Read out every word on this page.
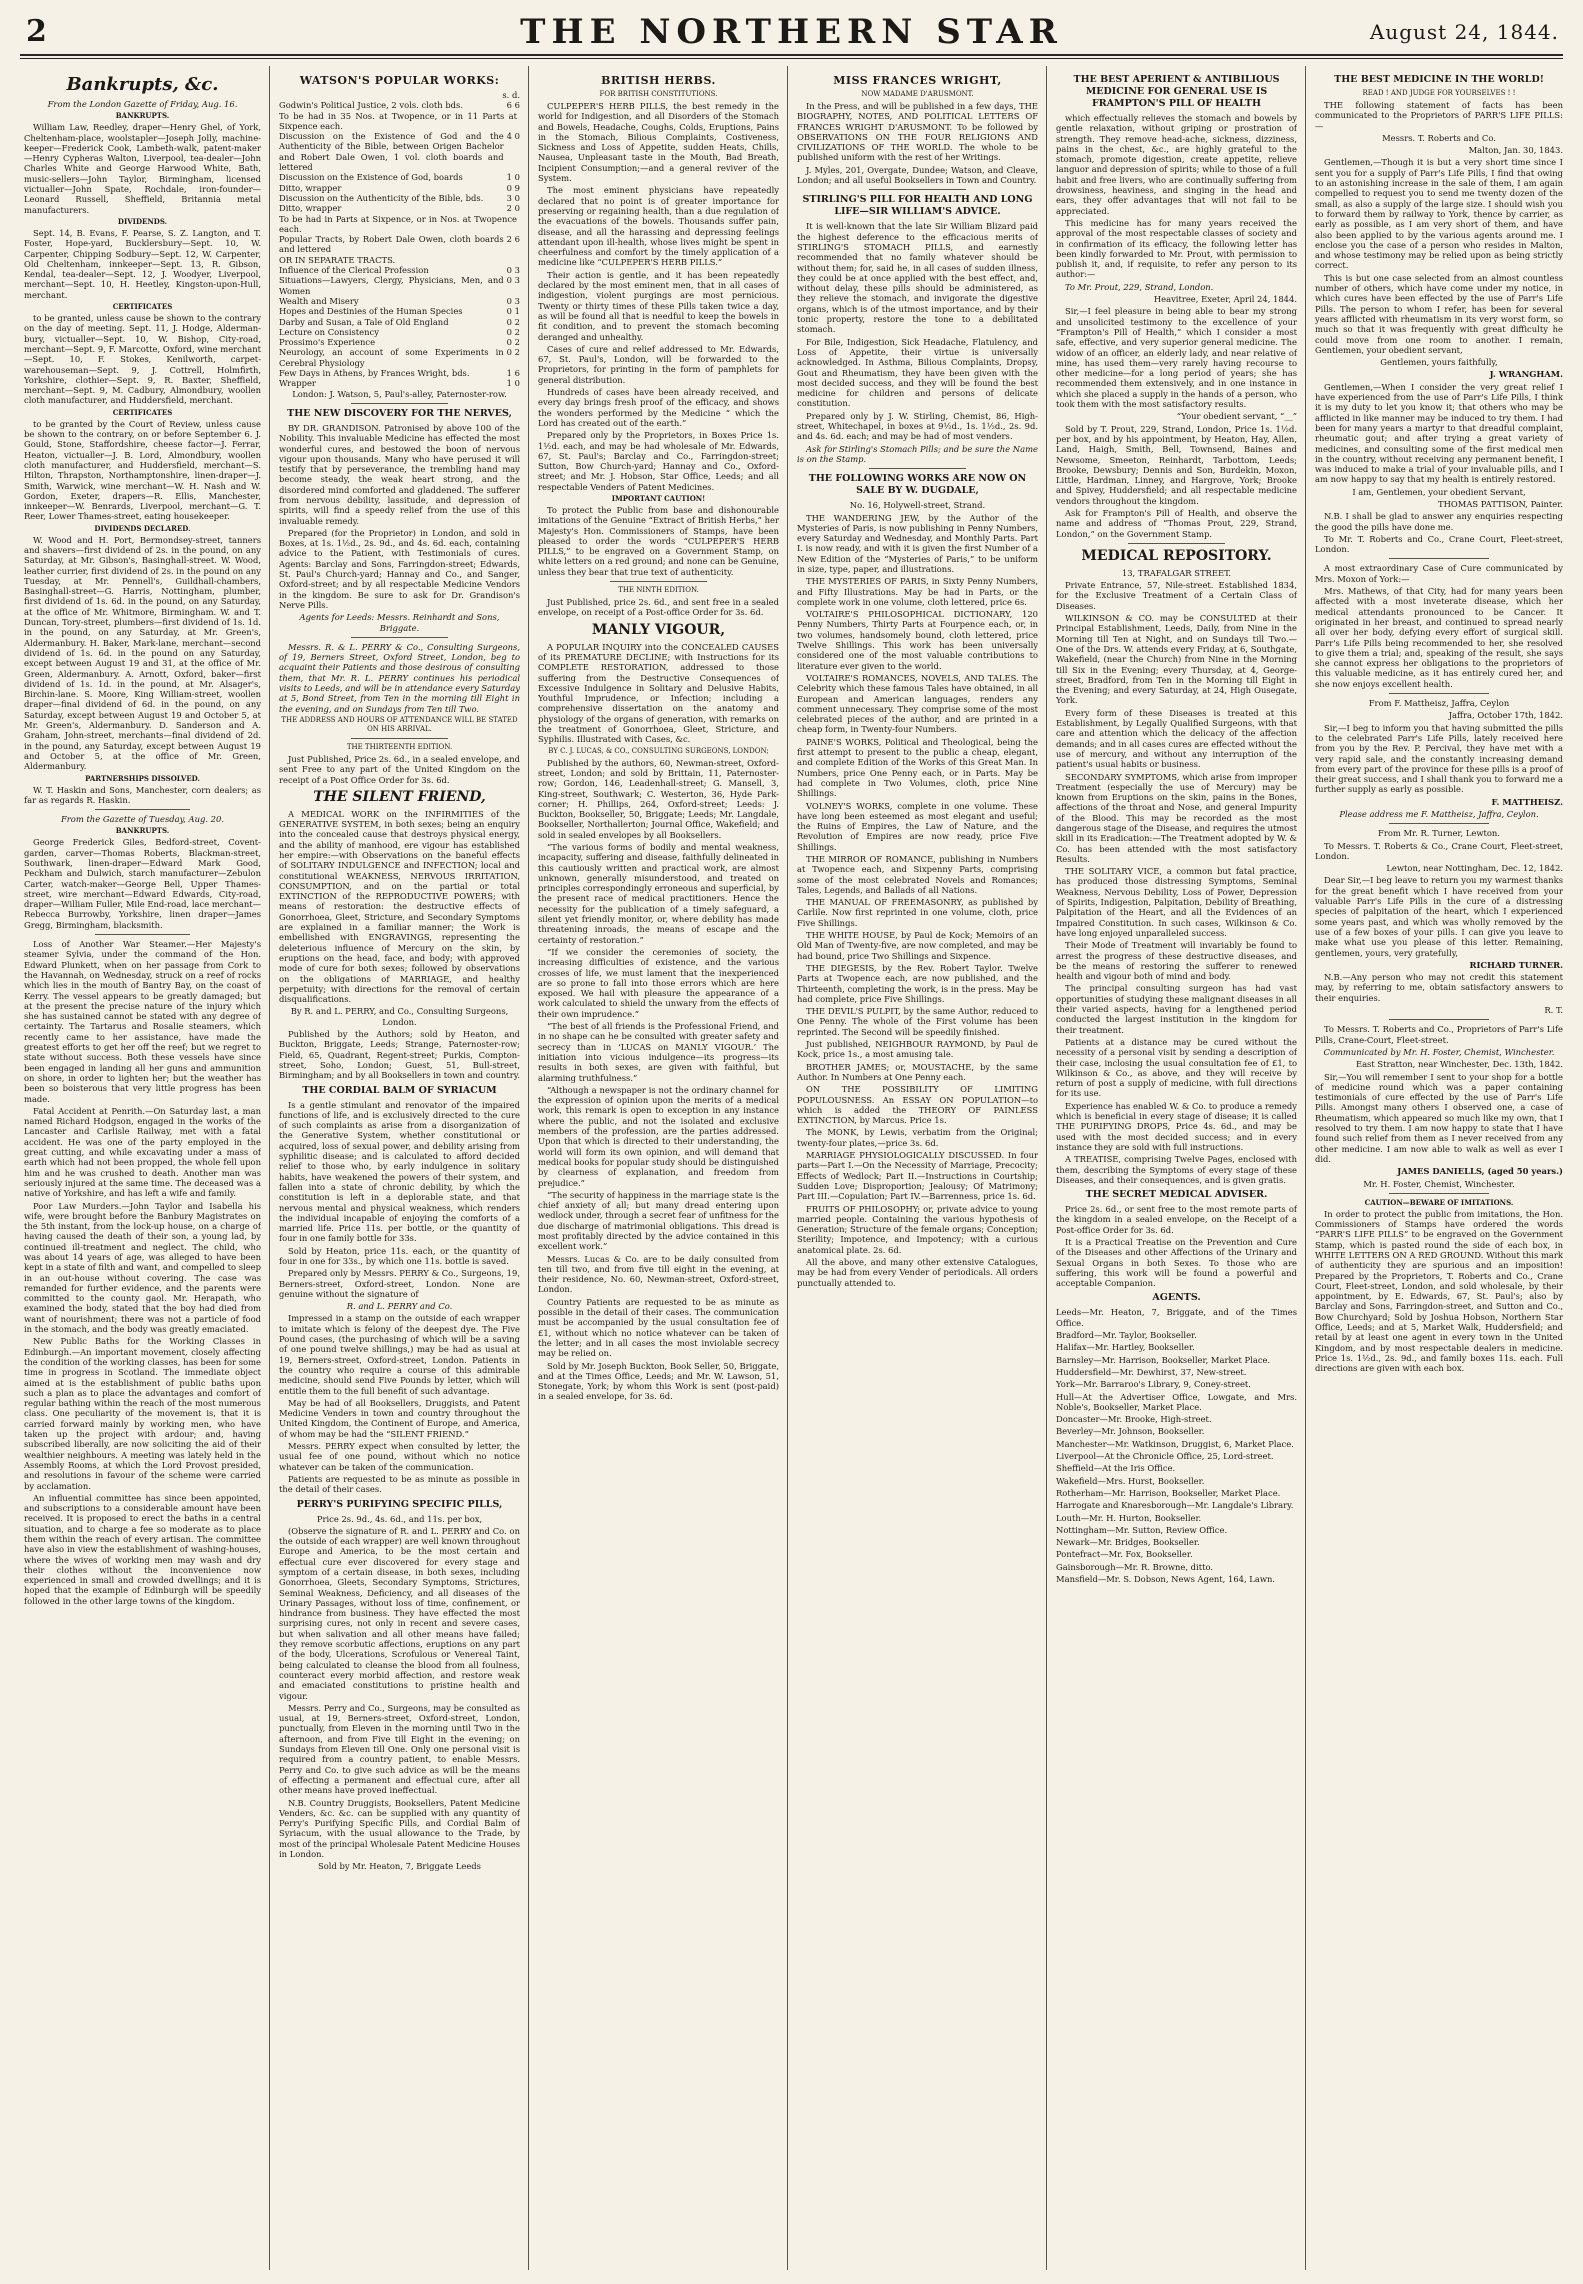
2	THE NORTHERN STAR	August 24, 1844.
Bankrupts, &c.

From the London Gazette of Friday, Aug. 16.

BANKRUPTS.

William Law, Reedley, draper—Henry Ghel, of York, Cheltenham-place, woolstapler—Joseph Jolly, machine-keeper—Frederick Cook, Lambeth-walk, patent-maker—Henry Cypheras Walton, Liverpool, tea-dealer—John Charles White and George Harwood White, Bath, music-sellers—John Taylor, Birmingham, licensed victualler—John Spate, Rochdale, iron-founder—Leonard Russell, Sheffield, Britannia metal manufacturers.

DIVIDENDS.

Sept. 14, B. Evans, F. Pearse, S. Z. Langton, and T. Foster, Hope-yard, Bucklersbury—Sept. 10, W. Carpenter, Chipping Sodbury—Sept. 12, W. Carpenter, Old Cheltenham, innkeeper—Sept. 13, R. Gibson, Kendal, tea-dealer—Sept. 12, J. Woodyer, Liverpool, merchant—Sept. 10, H. Heetley, Kingston-upon-Hull, merchant.

CERTIFICATES

to be granted, unless cause be shown to the contrary on the day of meeting. Sept. 11, J. Hodge, Alderman-bury, victualler—Sept. 10, W. Bishop, City-road, merchant—Sept. 9, F. Marcotte, Oxford, wine merchant—Sept. 10, F. Stokes, Kenilworth, carpet-warehouseman—Sept. 9, J. Cottrell, Holmfirth, Yorkshire, clothier—Sept. 9, R. Baxter, Sheffield, merchant—Sept. 9, M. Cadbury, Almondbury, woollen cloth manufacturer, and Huddersfield, merchant.

CERTIFICATES

to be granted by the Court of Review, unless cause be shown to the contrary, on or before September 6. J. Gould, Stone, Staffordshire, cheese factor—J. Ferrar, Heaton, victualler—J. B. Lord, Almondbury, woollen cloth manufacturer, and Huddersfield, merchant—S. Hilton, Thrapston, Northamptonshire, linen-draper—J. Smith, Warwick, wine merchant—W. H. Nash and W. Gordon, Exeter, drapers—R. Ellis, Manchester, innkeeper—W. Benrards, Liverpool, merchant—G. T. Reer, Lower Thames-street, eating housekeeper.

DIVIDENDS DECLARED.

W. Wood and H. Port, Bermondsey-street, tanners and shavers—first dividend of 2s. in the pound, on any Saturday, at Mr. Gibson's, Basinghall-street. W. Wood, leather currier, first dividend of 2s. in the pound on any Tuesday, at Mr. Pennell's, Guildhall-chambers, Basinghall-street—G. Harris, Nottingham, plumber, first dividend of 1s. 6d. in the pound, on any Saturday, at the office of Mr. Whitmore, Birmingham. W. and T. Duncan, Tory-street, plumbers—first dividend of 1s. 1d. in the pound, on any Saturday, at Mr. Green's, Aldermanbury. H. Baker, Mark-lane, merchant—second dividend of 1s. 6d. in the pound on any Saturday, except between August 19 and 31, at the office of Mr. Green, Aldermanbury. A. Arnott, Oxford, baker—first dividend of 1s. 1d. in the pound, at Mr. Alsager's, Birchin-lane. S. Moore, King William-street, woollen draper—final dividend of 6d. in the pound, on any Saturday, except between August 19 and October 5, at Mr. Green's, Aldermanbury. D. Sanderson and A. Graham, John-street, merchants—final dividend of 2d. in the pound, any Saturday, except between August 19 and October 5, at the office of Mr. Green, Aldermanbury.

PARTNERSHIPS DISSOLVED.

W. T. Haskin and Sons, Manchester, corn dealers; as far as regards R. Haskin.

From the Gazette of Tuesday, Aug. 20.

BANKRUPTS.

George Frederick Giles, Bedford-street, Covent-garden, carver—Thomas Roberts, Blackman-street, Southwark, linen-draper—Edward Mark Good, Peckham and Dulwich, starch manufacturer—Zebulon Carter, watch-maker—George Bell, Upper Thames-street, wire merchant—Edward Edwards, City-road, draper—William Fuller, Mile End-road, lace merchant—Rebecca Burrowby, Yorkshire, linen draper—James Gregg, Birmingham, blacksmith.

Loss of Another War Steamer.—Her Majesty's steamer Sylvia, under the command of the Hon. Edward Plunkett, when on her passage from Cork to the Havannah, on Wednesday, struck on a reef of rocks which lies in the mouth of Bantry Bay, on the coast of Kerry. The vessel appears to be greatly damaged; but at the present the precise nature of the injury which she has sustained cannot be stated with any degree of certainty. The Tartarus and Rosalie steamers, which recently came to her assistance, have made the greatest efforts to get her off the reef; but we regret to state without success. Both these vessels have since been engaged in landing all her guns and ammunition on shore, in order to lighten her; but the weather has been so boisterous that very little progress has been made.

Fatal Accident at Penrith.—On Saturday last, a man named Richard Hodgson, engaged in the works of the Lancaster and Carlisle Railway, met with a fatal accident. He was one of the party employed in the great cutting, and while excavating under a mass of earth which had not been propped, the whole fell upon him and he was crushed to death. Another man was seriously injured at the same time. The deceased was a native of Yorkshire, and has left a wife and family.

Poor Law Murders.—John Taylor and Isabella his wife, were brought before the Banbury Magistrates on the 5th instant, from the lock-up house, on a charge of having caused the death of their son, a young lad, by continued ill-treatment and neglect. The child, who was about 14 years of age, was alleged to have been kept in a state of filth and want, and compelled to sleep in an out-house without covering. The case was remanded for further evidence, and the parents were committed to the county gaol. Mr. Herapath, who examined the body, stated that the boy had died from want of nourishment; there was not a particle of food in the stomach, and the body was greatly emaciated.

New Public Baths for the Working Classes in Edinburgh.—An important movement, closely affecting the condition of the working classes, has been for some time in progress in Scotland. The immediate object aimed at is the establishment of public baths upon such a plan as to place the advantages and comfort of regular bathing within the reach of the most numerous class. One peculiarity of the movement is, that it is carried forward mainly by working men, who have taken up the project with ardour; and, having subscribed liberally, are now soliciting the aid of their wealthier neighbours. A meeting was lately held in the Assembly Rooms, at which the Lord Provost presided, and resolutions in favour of the scheme were carried by acclamation.

An influential committee has since been appointed, and subscriptions to a considerable amount have been received. It is proposed to erect the baths in a central situation, and to charge a fee so moderate as to place them within the reach of every artisan. The committee have also in view the establishment of washing-houses, where the wives of working men may wash and dry their clothes without the inconvenience now experienced in small and crowded dwellings; and it is hoped that the example of Edinburgh will be speedily followed in the other large towns of the kingdom.

WATSON'S POPULAR WORKS:
s. d.
Godwin's Political Justice, 2 vols. cloth bds.	6 6
To be had in 35 Nos. at Twopence, or in 11 Parts at Sixpence each.
Discussion on the Existence of God and the Authenticity of the Bible, between Origen Bachelor and Robert Dale Owen, 1 vol. cloth boards and lettered
4 0
Discussion on the Existence of God, boards	1 0
Ditto, wrapper	0 9
Discussion on the Authenticity of the Bible, bds.	3 0
Ditto, wrapper	2 0
To be had in Parts at Sixpence, or in Nos. at Twopence each.
Popular Tracts, by Robert Dale Owen, cloth boards and lettered
2 6
OR IN SEPARATE TRACTS.
Influence of the Clerical Profession	0 3
Situations—Lawyers, Clergy, Physicians, Men, and Women
0 3
Wealth and Misery	0 3
Hopes and Destinies of the Human Species	0 1
Darby and Susan, a Tale of Old England	0 2
Lecture on Consistency	0 2
Prossimo's Experience	0 2
Neurology, an account of some Experiments in Cerebral Physiology
0 2
Few Days in Athens, by Frances Wright, bds.	1 6
Wrapper	1 0

London: J. Watson, 5, Paul's-alley, Paternoster-row.

THE NEW DISCOVERY FOR THE NERVES,

BY DR. GRANDISON. Patronised by above 100 of the Nobility. This invaluable Medicine has effected the most wonderful cures, and bestowed the boon of nervous vigour upon thousands. Many who have perused it will testify that by perseverance, the trembling hand may become steady, the weak heart strong, and the disordered mind comforted and gladdened. The sufferer from nervous debility, lassitude, and depression of spirits, will find a speedy relief from the use of this invaluable remedy.

Prepared (for the Proprietor) in London, and sold in Boxes, at 1s. 1½d., 2s. 9d., and 4s. 6d. each, containing advice to the Patient, with Testimonials of cures. Agents: Barclay and Sons, Farringdon-street; Edwards, St. Paul's Church-yard; Hannay and Co., and Sanger, Oxford-street; and by all respectable Medicine Vendors in the kingdom. Be sure to ask for Dr. Grandison's Nerve Pills.

Agents for Leeds: Messrs. Reinhardt and Sons, Briggate.

Messrs. R. & L. PERRY & Co., Consulting Surgeons, of 19, Berners Street, Oxford Street, London, beg to acquaint their Patients and those desirous of consulting them, that Mr. R. L. PERRY continues his periodical visits to Leeds, and will be in attendance every Saturday at 5, Bond Street, from Ten in the morning till Eight in the evening, and on Sundays from Ten till Two.

THE ADDRESS AND HOURS OF ATTENDANCE WILL BE STATED ON HIS ARRIVAL.

THE THIRTEENTH EDITION.

Just Published, Price 2s. 6d., in a sealed envelope, and sent Free to any part of the United Kingdom on the receipt of a Post Office Order for 3s. 6d.

THE SILENT FRIEND,

A MEDICAL WORK on the INFIRMITIES of the GENERATIVE SYSTEM, in both sexes; being an enquiry into the concealed cause that destroys physical energy, and the ability of manhood, ere vigour has established her empire:—with Observations on the baneful effects of SOLITARY INDULGENCE and INFECTION; local and constitutional WEAKNESS, NERVOUS IRRITATION, CONSUMPTION, and on the partial or total EXTINCTION of the REPRODUCTIVE POWERS; with means of restoration: the destructive effects of Gonorrhoea, Gleet, Stricture, and Secondary Symptoms are explained in a familiar manner; the Work is embellished with ENGRAVINGS, representing the deleterious influence of Mercury on the skin, by eruptions on the head, face, and body; with approved mode of cure for both sexes; followed by observations on the obligations of MARRIAGE, and healthy perpetuity; with directions for the removal of certain disqualifications.

By R. and L. PERRY, and Co., Consulting Surgeons, London.

Published by the Authors; sold by Heaton, and Buckton, Briggate, Leeds; Strange, Paternoster-row; Field, 65, Quadrant, Regent-street; Purkis, Compton-street, Soho, London; Guest, 51, Bull-street, Birmingham; and by all Booksellers in town and country.

THE CORDIAL BALM OF SYRIACUM

Is a gentle stimulant and renovator of the impaired functions of life, and is exclusively directed to the cure of such complaints as arise from a disorganization of the Generative System, whether constitutional or acquired, loss of sexual power, and debility arising from syphilitic disease; and is calculated to afford decided relief to those who, by early indulgence in solitary habits, have weakened the powers of their system, and fallen into a state of chronic debility, by which the constitution is left in a deplorable state, and that nervous mental and physical weakness, which renders the individual incapable of enjoying the comforts of a married life. Price 11s. per bottle, or the quantity of four in one family bottle for 33s.

Sold by Heaton, price 11s. each, or the quantity of four in one for 33s., by which one 11s. bottle is saved.

Prepared only by Messrs. PERRY & Co., Surgeons, 19, Berners-street, Oxford-street, London. None are genuine without the signature of

R. and L. PERRY and Co.

Impressed in a stamp on the outside of each wrapper to imitate which is felony of the deepest dye. The Five Pound cases, (the purchasing of which will be a saving of one pound twelve shillings,) may be had as usual at 19, Berners-street, Oxford-street, London. Patients in the country who require a course of this admirable medicine, should send Five Pounds by letter, which will entitle them to the full benefit of such advantage.

May be had of all Booksellers, Druggists, and Patent Medicine Venders in town and country throughout the United Kingdom, the Continent of Europe, and America, of whom may be had the “SILENT FRIEND.”

Messrs. PERRY expect when consulted by letter, the usual fee of one pound, without which no notice whatever can be taken of the communication.

Patients are requested to be as minute as possible in the detail of their cases.

PERRY'S PURIFYING SPECIFIC PILLS,

Price 2s. 9d., 4s. 6d., and 11s. per box,

(Observe the signature of R. and L. PERRY and Co. on the outside of each wrapper) are well known throughout Europe and America, to be the most certain and effectual cure ever discovered for every stage and symptom of a certain disease, in both sexes, including Gonorrhoea, Gleets, Secondary Symptoms, Strictures, Seminal Weakness, Deficiency, and all diseases of the Urinary Passages, without loss of time, confinement, or hindrance from business. They have effected the most surprising cures, not only in recent and severe cases, but when salivation and all other means have failed; they remove scorbutic affections, eruptions on any part of the body, Ulcerations, Scrofulous or Venereal Taint, being calculated to cleanse the blood from all foulness, counteract every morbid affection, and restore weak and emaciated constitutions to pristine health and vigour.

Messrs. Perry and Co., Surgeons, may be consulted as usual, at 19, Berners-street, Oxford-street, London, punctually, from Eleven in the morning until Two in the afternoon, and from Five till Eight in the evening; on Sundays from Eleven till One. Only one personal visit is required from a country patient, to enable Messrs. Perry and Co. to give such advice as will be the means of effecting a permanent and effectual cure, after all other means have proved ineffectual.

N.B. Country Druggists, Booksellers, Patent Medicine Venders, &c. &c. can be supplied with any quantity of Perry's Purifying Specific Pills, and Cordial Balm of Syriacum, with the usual allowance to the Trade, by most of the principal Wholesale Patent Medicine Houses in London.

Sold by Mr. Heaton, 7, Briggate Leeds

BRITISH HERBS.

FOR BRITISH CONSTITUTIONS.

CULPEPER'S HERB PILLS, the best remedy in the world for Indigestion, and all Disorders of the Stomach and Bowels, Headache, Coughs, Colds, Eruptions, Pains in the Stomach, Bilious Complaints, Costiveness, Sickness and Loss of Appetite, sudden Heats, Chills, Nausea, Unpleasant taste in the Mouth, Bad Breath, Incipient Consumption;—and a general reviver of the System.

The most eminent physicians have repeatedly declared that no point is of greater importance for preserving or regaining health, than a due regulation of the evacuations of the bowels. Thousands suffer pain, disease, and all the harassing and depressing feelings attendant upon ill-health, whose lives might be spent in cheerfulness and comfort by the timely application of a medicine like “CULPEPER'S HERB PILLS.”

Their action is gentle, and it has been repeatedly declared by the most eminent men, that in all cases of indigestion, violent purgings are most pernicious. Twenty or thirty times of these Pills taken twice a day, as will be found all that is needful to keep the bowels in fit condition, and to prevent the stomach becoming deranged and unhealthy.

Cases of cure and relief addressed to Mr. Edwards, 67, St. Paul's, London, will be forwarded to the Proprietors, for printing in the form of pamphlets for general distribution.

Hundreds of cases have been already received, and every day brings fresh proof of the efficacy, and shows the wonders performed by the Medicine “ which the Lord has created out of the earth.”

Prepared only by the Proprietors, in Boxes Price 1s. 1½d. each, and may be had wholesale of Mr. Edwards, 67, St. Paul's; Barclay and Co., Farringdon-street; Sutton, Bow Church-yard; Hannay and Co., Oxford-street; and Mr. J. Hobson, Star Office, Leeds; and all respectable Venders of Patent Medicines.

IMPORTANT CAUTION!

To protect the Public from base and dishonourable imitations of the Genuine “Extract of British Herbs,” her Majesty's Hon. Commissioners of Stamps, have been pleased to order the words “CULPEPER'S HERB PILLS,” to be engraved on a Government Stamp, on white letters on a red ground; and none can be Genuine, unless they bear that true text of authenticity.

THE NINTH EDITION.

Just Published, price 2s. 6d., and sent free in a sealed envelope, on receipt of a Post-office Order for 3s. 6d.

MANLY VIGOUR,

A POPULAR INQUIRY into the CONCEALED CAUSES of its PREMATURE DECLINE; with Instructions for its COMPLETE RESTORATION, addressed to those suffering from the Destructive Consequences of Excessive Indulgence in Solitary and Delusive Habits, Youthful Imprudence, or Infection; including a comprehensive dissertation on the anatomy and physiology of the organs of generation, with remarks on the treatment of Gonorrhoea, Gleet, Stricture, and Syphilis. Illustrated with Cases, &c.

BY C. J. LUCAS, & CO., CONSULTING SURGEONS, LONDON;

Published by the authors, 60, Newman-street, Oxford-street, London; and sold by Brittain, 11, Paternoster-row; Gordon, 146, Leadenhall-street; G. Mansell, 3, King-street, Southwark; C. Westerton, 36, Hyde Park-corner; H. Phillips, 264, Oxford-street; Leeds: J. Buckton, Bookseller, 50, Briggate; Leeds; Mr. Langdale, Bookseller, Northallerton; Journal Office, Wakefield; and sold in sealed envelopes by all Booksellers.

“The various forms of bodily and mental weakness, incapacity, suffering and disease, faithfully delineated in this cautiously written and practical work, are almost unknown, generally misunderstood, and treated on principles correspondingly erroneous and superficial, by the present race of medical practitioners. Hence the necessity for the publication of a timely safeguard, a silent yet friendly monitor, or, where debility has made threatening inroads, the means of escape and the certainty of restoration.”

“If we consider the ceremonies of society, the increasing difficulties of existence, and the various crosses of life, we must lament that the inexperienced are so prone to fall into those errors which are here exposed. We hail with pleasure the appearance of a work calculated to shield the unwary from the effects of their own imprudence.”

“The best of all friends is the Professional Friend, and in no shape can he be consulted with greater safety and secrecy than in ‘LUCAS on MANLY VIGOUR.’ The initiation into vicious indulgence—its progress—its results in both sexes, are given with faithful, but alarming truthfulness.”

“Although a newspaper is not the ordinary channel for the expression of opinion upon the merits of a medical work, this remark is open to exception in any instance where the public, and not the isolated and exclusive members of the profession, are the parties addressed. Upon that which is directed to their understanding, the world will form its own opinion, and will demand that medical books for popular study should be distinguished by clearness of explanation, and freedom from prejudice.”

“The security of happiness in the marriage state is the chief anxiety of all; but many dread entering upon wedlock under, through a secret fear of unfitness for the due discharge of matrimonial obligations. This dread is most profitably directed by the advice contained in this excellent work.”

Messrs. Lucas & Co. are to be daily consulted from ten till two, and from five till eight in the evening, at their residence, No. 60, Newman-street, Oxford-street, London.

Country Patients are requested to be as minute as possible in the detail of their cases. The communication must be accompanied by the usual consultation fee of £1, without which no notice whatever can be taken of the letter; and in all cases the most inviolable secrecy may be relied on.

Sold by Mr. Joseph Buckton, Book Seller, 50, Briggate, and at the Times Office, Leeds; and Mr. W. Lawson, 51, Stonegate, York; by whom this Work is sent (post-paid) in a sealed envelope, for 3s. 6d.

MISS FRANCES WRIGHT,

NOW MADAME D'ARUSMONT.

In the Press, and will be published in a few days, THE BIOGRAPHY, NOTES, AND POLITICAL LETTERS OF FRANCES WRIGHT D'ARUSMONT. To be followed by OBSERVATIONS ON THE FOUR RELIGIONS AND CIVILIZATIONS OF THE WORLD. The whole to be published uniform with the rest of her Writings.

J. Myles, 201, Overgate, Dundee; Watson, and Cleave, London; and all useful Booksellers in Town and Country.

STIRLING'S PILL FOR HEALTH AND LONG LIFE—SIR WILLIAM'S ADVICE.

It is well-known that the late Sir William Blizard paid the highest deference to the efficacious merits of STIRLING'S STOMACH PILLS, and earnestly recommended that no family whatever should be without them; for, said he, in all cases of sudden illness, they could be at once applied with the best effect, and, without delay, these pills should be administered, as they relieve the stomach, and invigorate the digestive organs, which is of the utmost importance, and by their tonic property, restore the tone to a debilitated stomach.

For Bile, Indigestion, Sick Headache, Flatulency, and Loss of Appetite, their virtue is universally acknowledged. In Asthma, Bilious Complaints, Dropsy, Gout and Rheumatism, they have been given with the most decided success, and they will be found the best medicine for children and persons of delicate constitution.

Prepared only by J. W. Stirling, Chemist, 86, High-street, Whitechapel, in boxes at 9½d., 1s. 1½d., 2s. 9d. and 4s. 6d. each; and may be had of most venders.

Ask for Stirling's Stomach Pills; and be sure the Name is on the Stamp.

THE FOLLOWING WORKS ARE NOW ON SALE BY W. DUGDALE,

No. 16, Holywell-street, Strand.

THE WANDERING JEW, by the Author of the Mysteries of Paris, is now publishing in Penny Numbers, every Saturday and Wednesday, and Monthly Parts. Part I. is now ready, and with it is given the first Number of a New Edition of the “Mysteries of Paris,” to be uniform in size, type, paper, and illustrations.

THE MYSTERIES OF PARIS, in Sixty Penny Numbers, and Fifty Illustrations. May be had in Parts, or the complete work in one volume, cloth lettered, price 6s.

VOLTAIRE'S PHILOSOPHICAL DICTIONARY, 120 Penny Numbers, Thirty Parts at Fourpence each, or, in two volumes, handsomely bound, cloth lettered, price Twelve Shillings. This work has been universally considered one of the most valuable contributions to literature ever given to the world.

VOLTAIRE'S ROMANCES, NOVELS, AND TALES. The Celebrity which these famous Tales have obtained, in all European and American languages, renders any comment unnecessary. They comprise some of the most celebrated pieces of the author, and are printed in a cheap form, in Twenty-four Numbers.

PAINE'S WORKS, Political and Theological, being the first attempt to present to the public a cheap, elegant, and complete Edition of the Works of this Great Man. In Numbers, price One Penny each, or in Parts. May be had complete in Two Volumes, cloth, price Nine Shillings.

VOLNEY'S WORKS, complete in one volume. These have long been esteemed as most elegant and useful; the Ruins of Empires, the Law of Nature, and the Revolution of Empires are now ready, price Five Shillings.

THE MIRROR OF ROMANCE, publishing in Numbers at Twopence each, and Sixpenny Parts, comprising some of the most celebrated Novels and Romances; Tales, Legends, and Ballads of all Nations.

THE MANUAL OF FREEMASONRY, as published by Carlile. Now first reprinted in one volume, cloth, price Five Shillings.

THE WHITE HOUSE, by Paul de Kock; Memoirs of an Old Man of Twenty-five, are now completed, and may be had bound, price Two Shillings and Sixpence.

THE DIEGESIS, by the Rev. Robert Taylor. Twelve Parts at Twopence each, are now published, and the Thirteenth, completing the work, is in the press. May be had complete, price Five Shillings.

THE DEVIL'S PULPIT, by the same Author, reduced to One Penny. The whole of the First volume has been reprinted. The Second will be speedily finished.

Just published, NEIGHBOUR RAYMOND, by Paul de Kock, price 1s., a most amusing tale.

BROTHER JAMES; or, MOUSTACHE, by the same Author. In Numbers at One Penny each.

ON THE POSSIBILITY OF LIMITING POPULOUSNESS. An ESSAY ON POPULATION—to which is added the THEORY OF PAINLESS EXTINCTION, by Marcus. Price 1s.

The MONK, by Lewis, verbatim from the Original; twenty-four plates,—price 3s. 6d.

MARRIAGE PHYSIOLOGICALLY DISCUSSED. In four parts—Part I.—On the Necessity of Marriage, Precocity; Effects of Wedlock; Part II.—Instructions in Courtship; Sudden Love; Disproportion; Jealousy; Of Matrimony; Part III.—Copulation; Part IV.—Barrenness, price 1s. 6d.

FRUITS OF PHILOSOPHY; or, private advice to young married people. Containing the various hypothesis of Generation; Structure of the female organs; Conception; Sterility; Impotence, and Impotency; with a curious anatomical plate. 2s. 6d.

All the above, and many other extensive Catalogues, may be had from every Vender of periodicals. All orders punctually attended to.

THE BEST APERIENT & ANTIBILIOUS MEDICINE FOR GENERAL USE IS FRAMPTON'S PILL OF HEALTH

which effectually relieves the stomach and bowels by gentle relaxation, without griping or prostration of strength. They remove head-ache, sickness, dizziness, pains in the chest, &c., are highly grateful to the stomach, promote digestion, create appetite, relieve languor and depression of spirits; while to those of a full habit and free livers, who are continually suffering from drowsiness, heaviness, and singing in the head and ears, they offer advantages that will not fail to be appreciated.

This medicine has for many years received the approval of the most respectable classes of society and in confirmation of its efficacy, the following letter has been kindly forwarded to Mr. Prout, with permission to publish it, and, if requisite, to refer any person to its author:—

To Mr. Prout, 229, Strand, London.

Heavitree, Exeter, April 24, 1844.

Sir,—I feel pleasure in being able to bear my strong and unsolicited testimony to the excellence of your “Frampton's Pill of Health,” which I consider a most safe, effective, and very superior general medicine. The widow of an officer, an elderly lady, and near relative of mine, has used them—very rarely having recourse to other medicine—for a long period of years; she has recommended them extensively, and in one instance in which she placed a supply in the hands of a person, who took them with the most satisfactory results.

“Your obedient servant, “__”

Sold by T. Prout, 229, Strand, London, Price 1s. 1½d. per box, and by his appointment, by Heaton, Hay, Allen, Land, Haigh, Smith, Bell, Townsend, Baines and Newsome, Smeeton, Reinhardt, Tarbottom, Leeds; Brooke, Dewsbury; Dennis and Son, Burdekin, Moxon, Little, Hardman, Linney, and Hargrove, York; Brooke and Spivey, Huddersfield; and all respectable medicine vendors throughout the kingdom.

Ask for Frampton's Pill of Health, and observe the name and address of “Thomas Prout, 229, Strand, London,” on the Government Stamp.

MEDICAL REPOSITORY.

13, TRAFALGAR STREET.

Private Entrance, 57, Nile-street. Established 1834, for the Exclusive Treatment of a Certain Class of Diseases.

WILKINSON & CO. may be CONSULTED at their Principal Establishment, Leeds, Daily, from Nine in the Morning till Ten at Night, and on Sundays till Two.—One of the Drs. W. attends every Friday, at 6, Southgate, Wakefield, (near the Church) from Nine in the Morning till Six in the Evening; every Thursday, at 4, George-street, Bradford, from Ten in the Morning till Eight in the Evening; and every Saturday, at 24, High Ousegate, York.

Every form of these Diseases is treated at this Establishment, by Legally Qualified Surgeons, with that care and attention which the delicacy of the affection demands; and in all cases cures are effected without the use of mercury, and without any interruption of the patient's usual habits or business.

SECONDARY SYMPTOMS, which arise from improper Treatment (especially the use of Mercury) may be known from Eruptions on the skin, pains in the Bones, affections of the throat and Nose, and general Impurity of the Blood. This may be recorded as the most dangerous stage of the Disease, and requires the utmost skill in its Eradication:—The Treatment adopted by W. & Co. has been attended with the most satisfactory Results.

THE SOLITARY VICE, a common but fatal practice, has produced those distressing Symptoms, Seminal Weakness, Nervous Debility, Loss of Power, Depression of Spirits, Indigestion, Palpitation, Debility of Breathing, Palpitation of the Heart, and all the Evidences of an Impaired Constitution. In such cases, Wilkinson & Co. have long enjoyed unparalleled success.

Their Mode of Treatment will invariably be found to arrest the progress of these destructive diseases, and be the means of restoring the sufferer to renewed health and vigour both of mind and body.

The principal consulting surgeon has had vast opportunities of studying these malignant diseases in all their varied aspects, having for a lengthened period conducted the largest institution in the kingdom for their treatment.

Patients at a distance may be cured without the necessity of a personal visit by sending a description of their case, inclosing the usual consultation fee of £1, to Wilkinson & Co., as above, and they will receive by return of post a supply of medicine, with full directions for its use.

Experience has enabled W. & Co. to produce a remedy which is beneficial in every stage of disease; it is called THE PURIFYING DROPS, Price 4s. 6d., and may be used with the most decided success; and in every instance they are sold with full instructions.

A TREATISE, comprising Twelve Pages, enclosed with them, describing the Symptoms of every stage of these Diseases, and their consequences, and is given gratis.

THE SECRET MEDICAL ADVISER.

Price 2s. 6d., or sent free to the most remote parts of the kingdom in a sealed envelope, on the Receipt of a Post-office Order for 3s. 6d.

It is a Practical Treatise on the Prevention and Cure of the Diseases and other Affections of the Urinary and Sexual Organs in both Sexes. To those who are suffering, this work will be found a powerful and acceptable Companion.

AGENTS.

Leeds—Mr. Heaton, 7, Briggate, and of the Times Office.

Bradford—Mr. Taylor, Bookseller.

Halifax—Mr. Hartley, Bookseller.

Barnsley—Mr. Harrison, Bookseller, Market Place.

Huddersfield—Mr. Dewhirst, 37, New-street.

York—Mr. Barraroo's Library, 9, Coney-street.

Hull—At the Advertiser Office, Lowgate, and Mrs. Noble's, Bookseller, Market Place.

Doncaster—Mr. Brooke, High-street.

Beverley—Mr. Johnson, Bookseller.

Manchester—Mr. Watkinson, Druggist, 6, Market Place.

Liverpool—At the Chronicle Office, 25, Lord-street.

Sheffield—At the Iris Office.

Wakefield—Mrs. Hurst, Bookseller.

Rotherham—Mr. Harrison, Bookseller, Market Place.

Harrogate and Knaresborough—Mr. Langdale's Library.

Louth—Mr. H. Hurton, Bookseller.

Nottingham—Mr. Sutton, Review Office.

Newark—Mr. Bridges, Bookseller.

Pontefract—Mr. Fox, Bookseller.

Gainsborough—Mr. R. Browne, ditto.

Mansfield—Mr. S. Dobson, News Agent, 164, Lawn.

THE BEST MEDICINE IN THE WORLD!

READ ! AND JUDGE FOR YOURSELVES ! !

THE following statement of facts has been communicated to the Proprietors of PARR'S LIFE PILLS:—

Messrs. T. Roberts and Co.

Malton, Jan. 30, 1843.

Gentlemen,—Though it is but a very short time since I sent you for a supply of Parr's Life Pills, I find that owing to an astonishing increase in the sale of them, I am again compelled to request you to send me twenty dozen of the small, as also a supply of the large size. I should wish you to forward them by railway to York, thence by carrier, as early as possible, as I am very short of them, and have also been applied to by the various agents around me. I enclose you the case of a person who resides in Malton, and whose testimony may be relied upon as being strictly correct.

This is but one case selected from an almost countless number of others, which have come under my notice, in which cures have been effected by the use of Parr's Life Pills. The person to whom I refer, has been for several years afflicted with rheumatism in its very worst form, so much so that it was frequently with great difficulty he could move from one room to another. I remain, Gentlemen, your obedient servant,

Gentlemen, yours faithfully,

J. WRANGHAM.

Gentlemen,—When I consider the very great relief I have experienced from the use of Parr's Life Pills, I think it is my duty to let you know it; that others who may be afflicted in like manner may be induced to try them. I had been for many years a martyr to that dreadful complaint, rheumatic gout; and after trying a great variety of medicines, and consulting some of the first medical men in the country, without receiving any permanent benefit, I was induced to make a trial of your invaluable pills, and I am now happy to say that my health is entirely restored.

I am, Gentlemen, your obedient Servant,

THOMAS PATTISON, Painter.

N.B. I shall be glad to answer any enquiries respecting the good the pills have done me.

To Mr. T. Roberts and Co., Crane Court, Fleet-street, London.

A most extraordinary Case of Cure communicated by Mrs. Moxon of York:—

Mrs. Mathews, of that City, had for many years been affected with a most inveterate disease, which her medical attendants pronounced to be Cancer. It originated in her breast, and continued to spread nearly all over her body, defying every effort of surgical skill. Parr's Life Pills being recommended to her, she resolved to give them a trial; and, speaking of the result, she says she cannot express her obligations to the proprietors of this valuable medicine, as it has entirely cured her, and she now enjoys excellent health.

From F. Mattheisz, Jaffra, Ceylon

Jaffra, October 17th, 1842.

Sir,—I beg to inform you that having submitted the pills to the celebrated Parr's Life Pills, lately received here from you by the Rev. P. Percival, they have met with a very rapid sale, and the constantly increasing demand from every part of the province for these pills is a proof of their great success, and I shall thank you to forward me a further supply as early as possible.

F. MATTHEISZ.

Please address me F. Mattheisz, Jaffra, Ceylon.

From Mr. R. Turner, Lewton.

To Messrs. T. Roberts & Co., Crane Court, Fleet-street, London.

Lewton, near Nottingham, Dec. 12, 1842.

Dear Sir,—I beg leave to return you my warmest thanks for the great benefit which I have received from your valuable Parr's Life Pills in the cure of a distressing species of palpitation of the heart, which I experienced some years past, and which was wholly removed by the use of a few boxes of your pills. I can give you leave to make what use you please of this letter. Remaining, gentlemen, yours, very gratefully,

RICHARD TURNER.

N.B.—Any person who may not credit this statement may, by referring to me, obtain satisfactory answers to their enquiries.

R. T.

To Messrs. T. Roberts and Co., Proprietors of Parr's Life Pills, Crane-Court, Fleet-street.

Communicated by Mr. H. Foster, Chemist, Winchester.

East Stratton, near Winchester, Dec. 13th, 1842.

Sir,—You will remember I sent to your shop for a bottle of medicine round which was a paper containing testimonials of cure effected by the use of Parr's Life Pills. Amongst many others I observed one, a case of Rheumatism, which appeared so much like my own, that I resolved to try them. I am now happy to state that I have found such relief from them as I never received from any other medicine. I am now able to walk as well as ever I did.

JAMES DANIELLS, (aged 50 years.)

Mr. H. Foster, Chemist, Winchester.

CAUTION—BEWARE OF IMITATIONS.

In order to protect the public from imitations, the Hon. Commissioners of Stamps have ordered the words “PARR'S LIFE PILLS” to be engraved on the Government Stamp, which is pasted round the side of each box, in WHITE LETTERS ON A RED GROUND. Without this mark of authenticity they are spurious and an imposition! Prepared by the Proprietors, T. Roberts and Co., Crane Court, Fleet-street, London, and sold wholesale, by their appointment, by E. Edwards, 67, St. Paul's; also by Barclay and Sons, Farringdon-street, and Sutton and Co., Bow Churchyard; Sold by Joshua Hobson, Northern Star Office, Leeds; and at 5, Market Walk, Huddersfield; and retail by at least one agent in every town in the United Kingdom, and by most respectable dealers in medicine. Price 1s. 1½d., 2s. 9d., and family boxes 11s. each. Full directions are given with each box.
